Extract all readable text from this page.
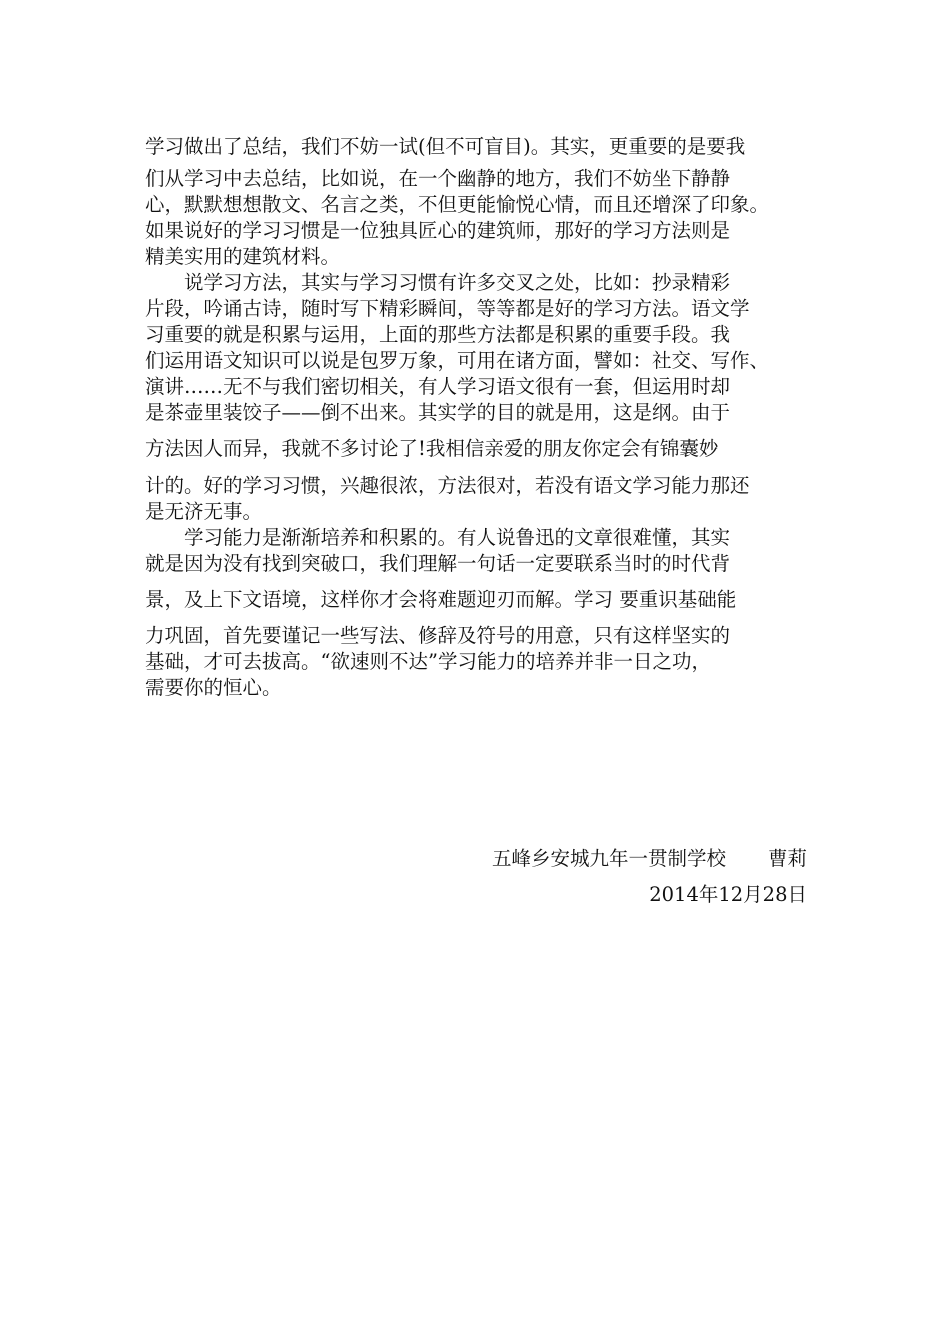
学习做出了总结，我们不妨一试(但不可盲目)。其实，更重要的是要我
们从学习中去总结，比如说，在一个幽静的地方，我们不妨坐下静静
心，默默想想散文、名言之类，不但更能愉悦心情，而且还增深了印象。
如果说好的学习习惯是一位独具匠心的建筑师，那好的学习方法则是
精美实用的建筑材料。
　　说学习方法，其实与学习习惯有许多交叉之处，比如：抄录精彩
片段，吟诵古诗，随时写下精彩瞬间，等等都是好的学习方法。语文学
习重要的就是积累与运用，上面的那些方法都是积累的重要手段。我
们运用语文知识可以说是包罗万象，可用在诸方面，譬如：社交、写作、
演讲……无不与我们密切相关，有人学习语文很有一套，但运用时却
是茶壶里装饺子——倒不出来。其实学的目的就是用，这是纲。由于
方法因人而异，我就不多讨论了!我相信亲爱的朋友你定会有锦囊妙
计的。好的学习习惯，兴趣很浓，方法很对，若没有语文学习能力那还
是无济无事。
　　学习能力是渐渐培养和积累的。有人说鲁迅的文章很难懂，其实
就是因为没有找到突破口，我们理解一句话一定要联系当时的时代背
景，及上下文语境，这样你才会将难题迎刃而解。学习 要重识基础能
力巩固，首先要谨记一些写法、修辞及符号的用意，只有这样坚实的
基础，才可去拔高。“欲速则不达”学习能力的培养并非一日之功，
需要你的恒心。
五峰乡安城九年一贯制学校 曹莉
2014年12月28日
